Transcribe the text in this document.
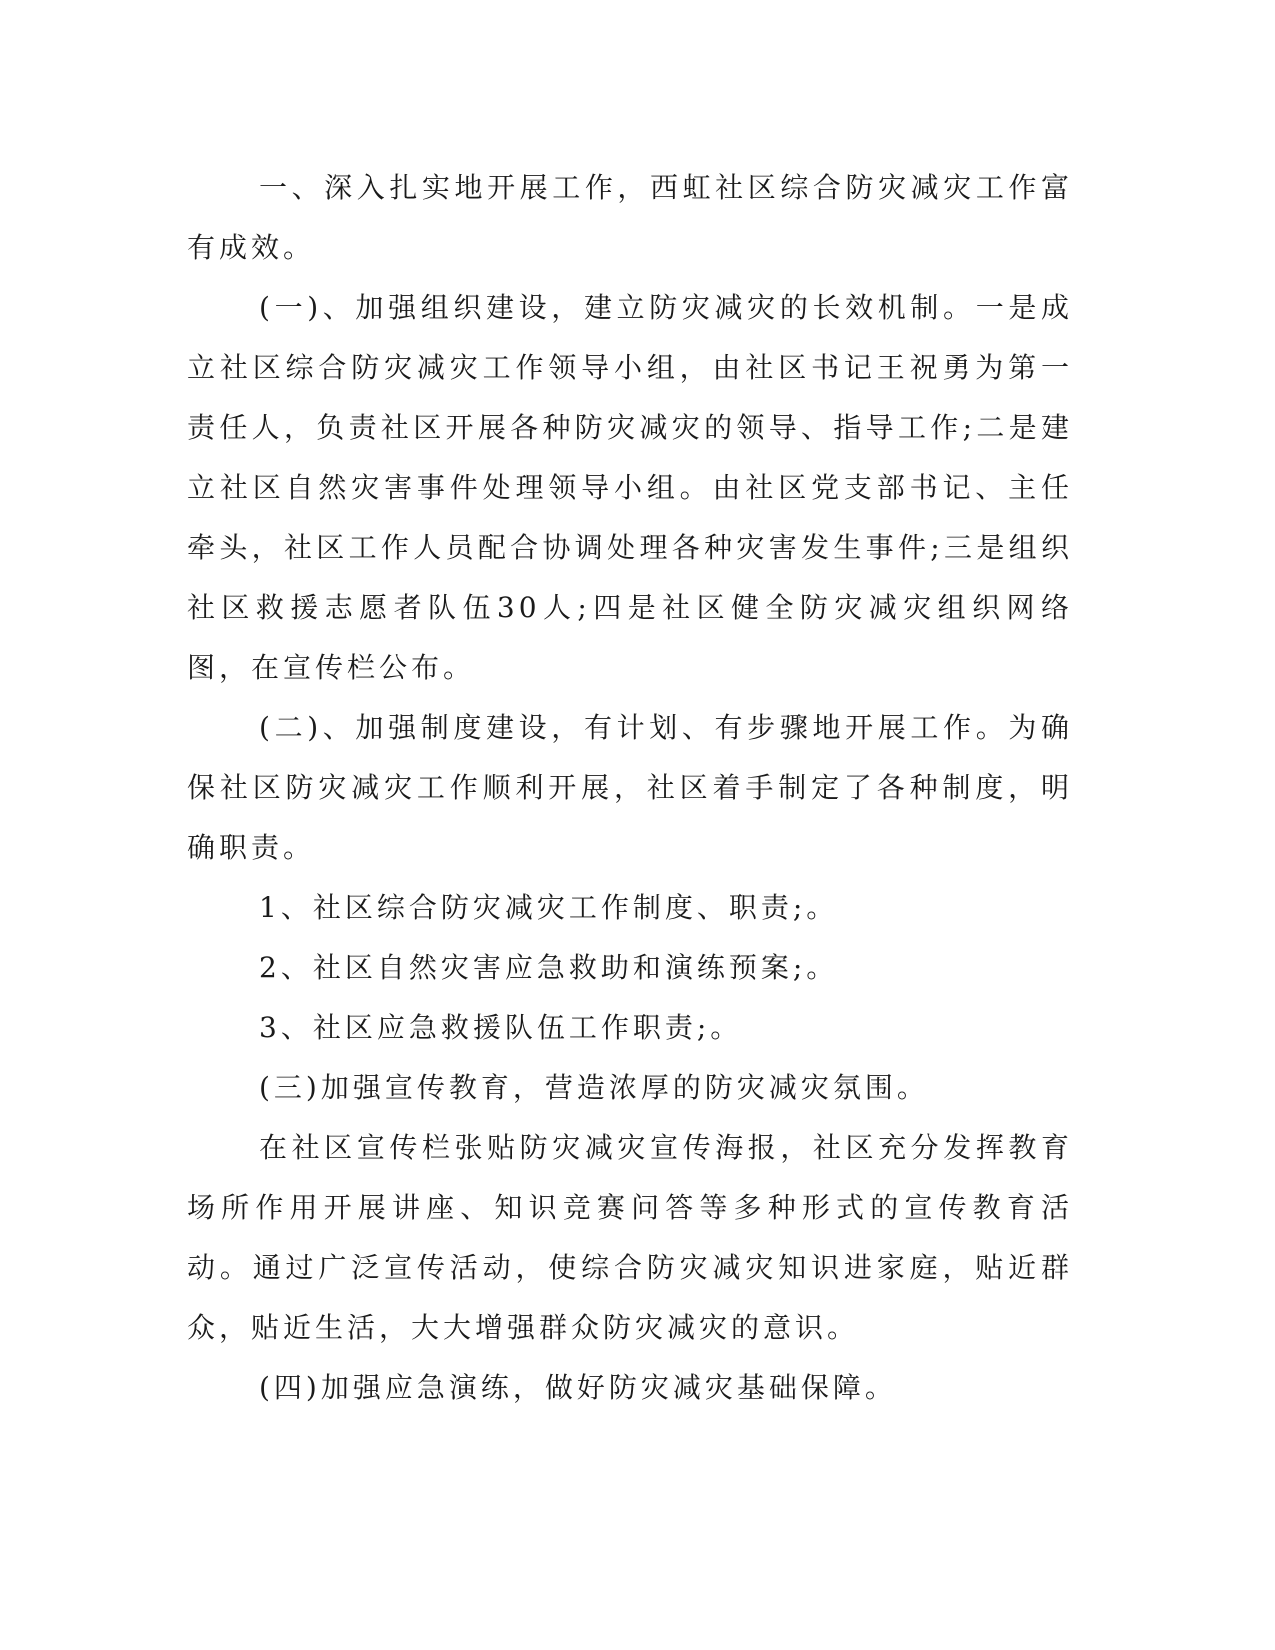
一、深入扎实地开展工作，西虹社区综合防灾减灾工作富有成效。

(一)、加强组织建设，建立防灾减灾的长效机制。一是成立社区综合防灾减灾工作领导小组，由社区书记王祝勇为第一责任人，负责社区开展各种防灾减灾的领导、指导工作;二是建立社区自然灾害事件处理领导小组。由社区党支部书记、主任牵头，社区工作人员配合协调处理各种灾害发生事件;三是组织社区救援志愿者队伍30人;四是社区健全防灾减灾组织网络图，在宣传栏公布。

(二)、加强制度建设，有计划、有步骤地开展工作。为确保社区防灾减灾工作顺利开展，社区着手制定了各种制度，明确职责。

1、社区综合防灾减灾工作制度、职责;。

2、社区自然灾害应急救助和演练预案;。

3、社区应急救援队伍工作职责;。

(三)加强宣传教育，营造浓厚的防灾减灾氛围。

在社区宣传栏张贴防灾减灾宣传海报，社区充分发挥教育场所作用开展讲座、知识竞赛问答等多种形式的宣传教育活动。通过广泛宣传活动，使综合防灾减灾知识进家庭，贴近群众，贴近生活，大大增强群众防灾减灾的意识。

(四)加强应急演练，做好防灾减灾基础保障。
